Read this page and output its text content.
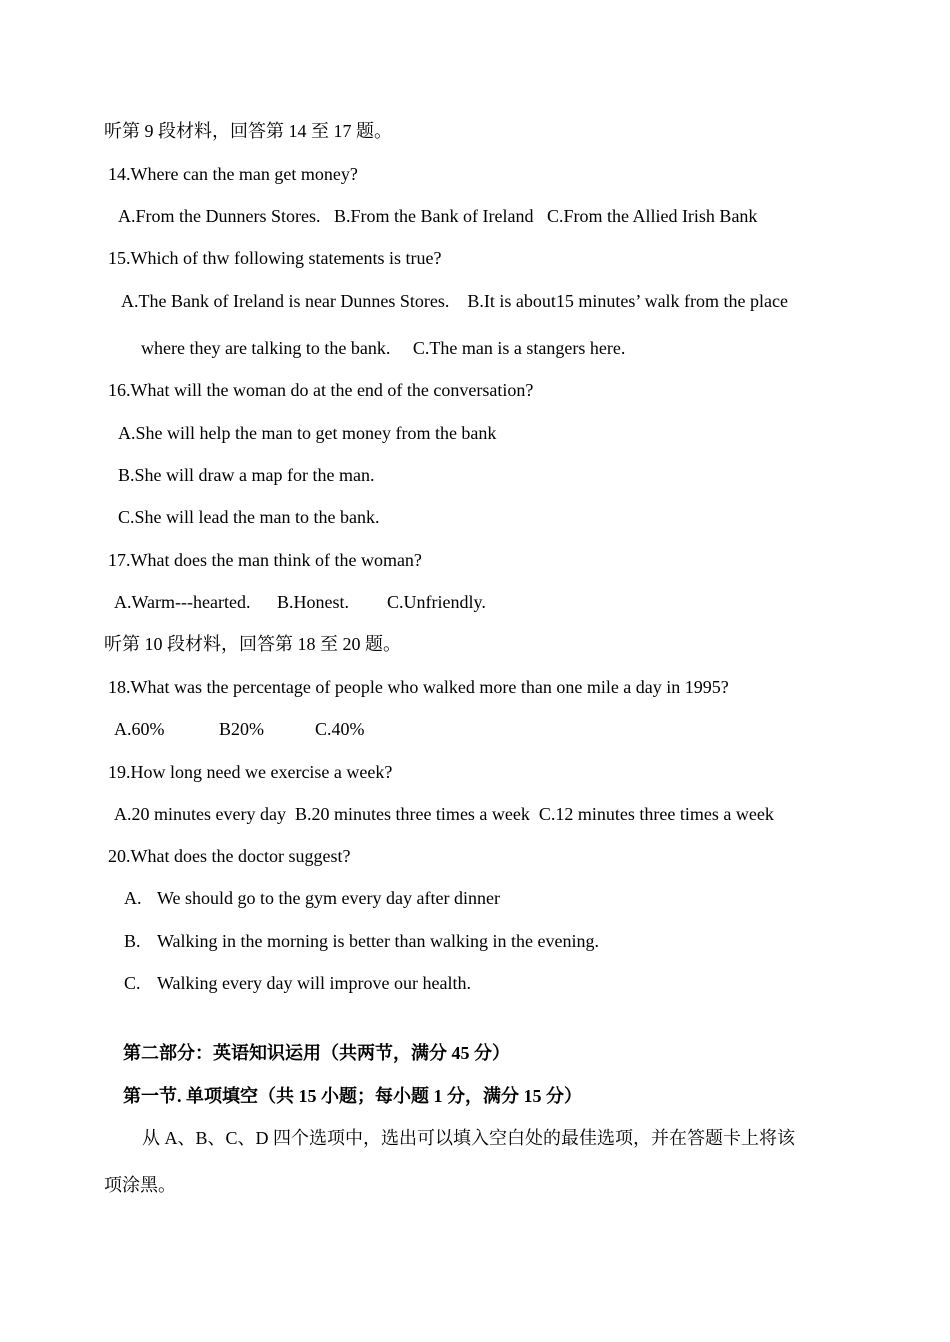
听第 9 段材料，回答第 14 至 17 题。
14.Where can the man get money?
A.From the Dunners Stores.   B.From the Bank of Ireland   C.From the Allied Irish Bank
15.Which of thw following statements is true?
A.The Bank of Ireland is near Dunnes Stores.    B.It is about15 minutes’ walk from the place
where they are talking to the bank.     C.The man is a stangers here.
16.What will the woman do at the end of the conversation?
A.She will help the man to get money from the bank
B.She will draw a map for the man.
C.She will lead the man to the bank.
17.What does the man think of the woman?
A.Warm---hearted. B.Honest. C.Unfriendly.
听第 10 段材料，回答第 18 至 20 题。
18.What was the percentage of people who walked more than one mile a day in 1995?
A.60%	B20%	C.40%
19.How long need we exercise a week?
A.20 minutes every day  B.20 minutes three times a week  C.12 minutes three times a week
20.What does the doctor suggest?
A. We should go to the gym every day after dinner
B. Walking in the morning is better than walking in the evening.
C. Walking every day will improve our health.
第二部分：英语知识运用（共两节，满分 45 分）
第一节. 单项填空（共 15 小题；每小题 1 分，满分 15 分）
从 A、B、C、D 四个选项中，选出可以填入空白处的最佳选项，并在答题卡上将该
项涂黑。
